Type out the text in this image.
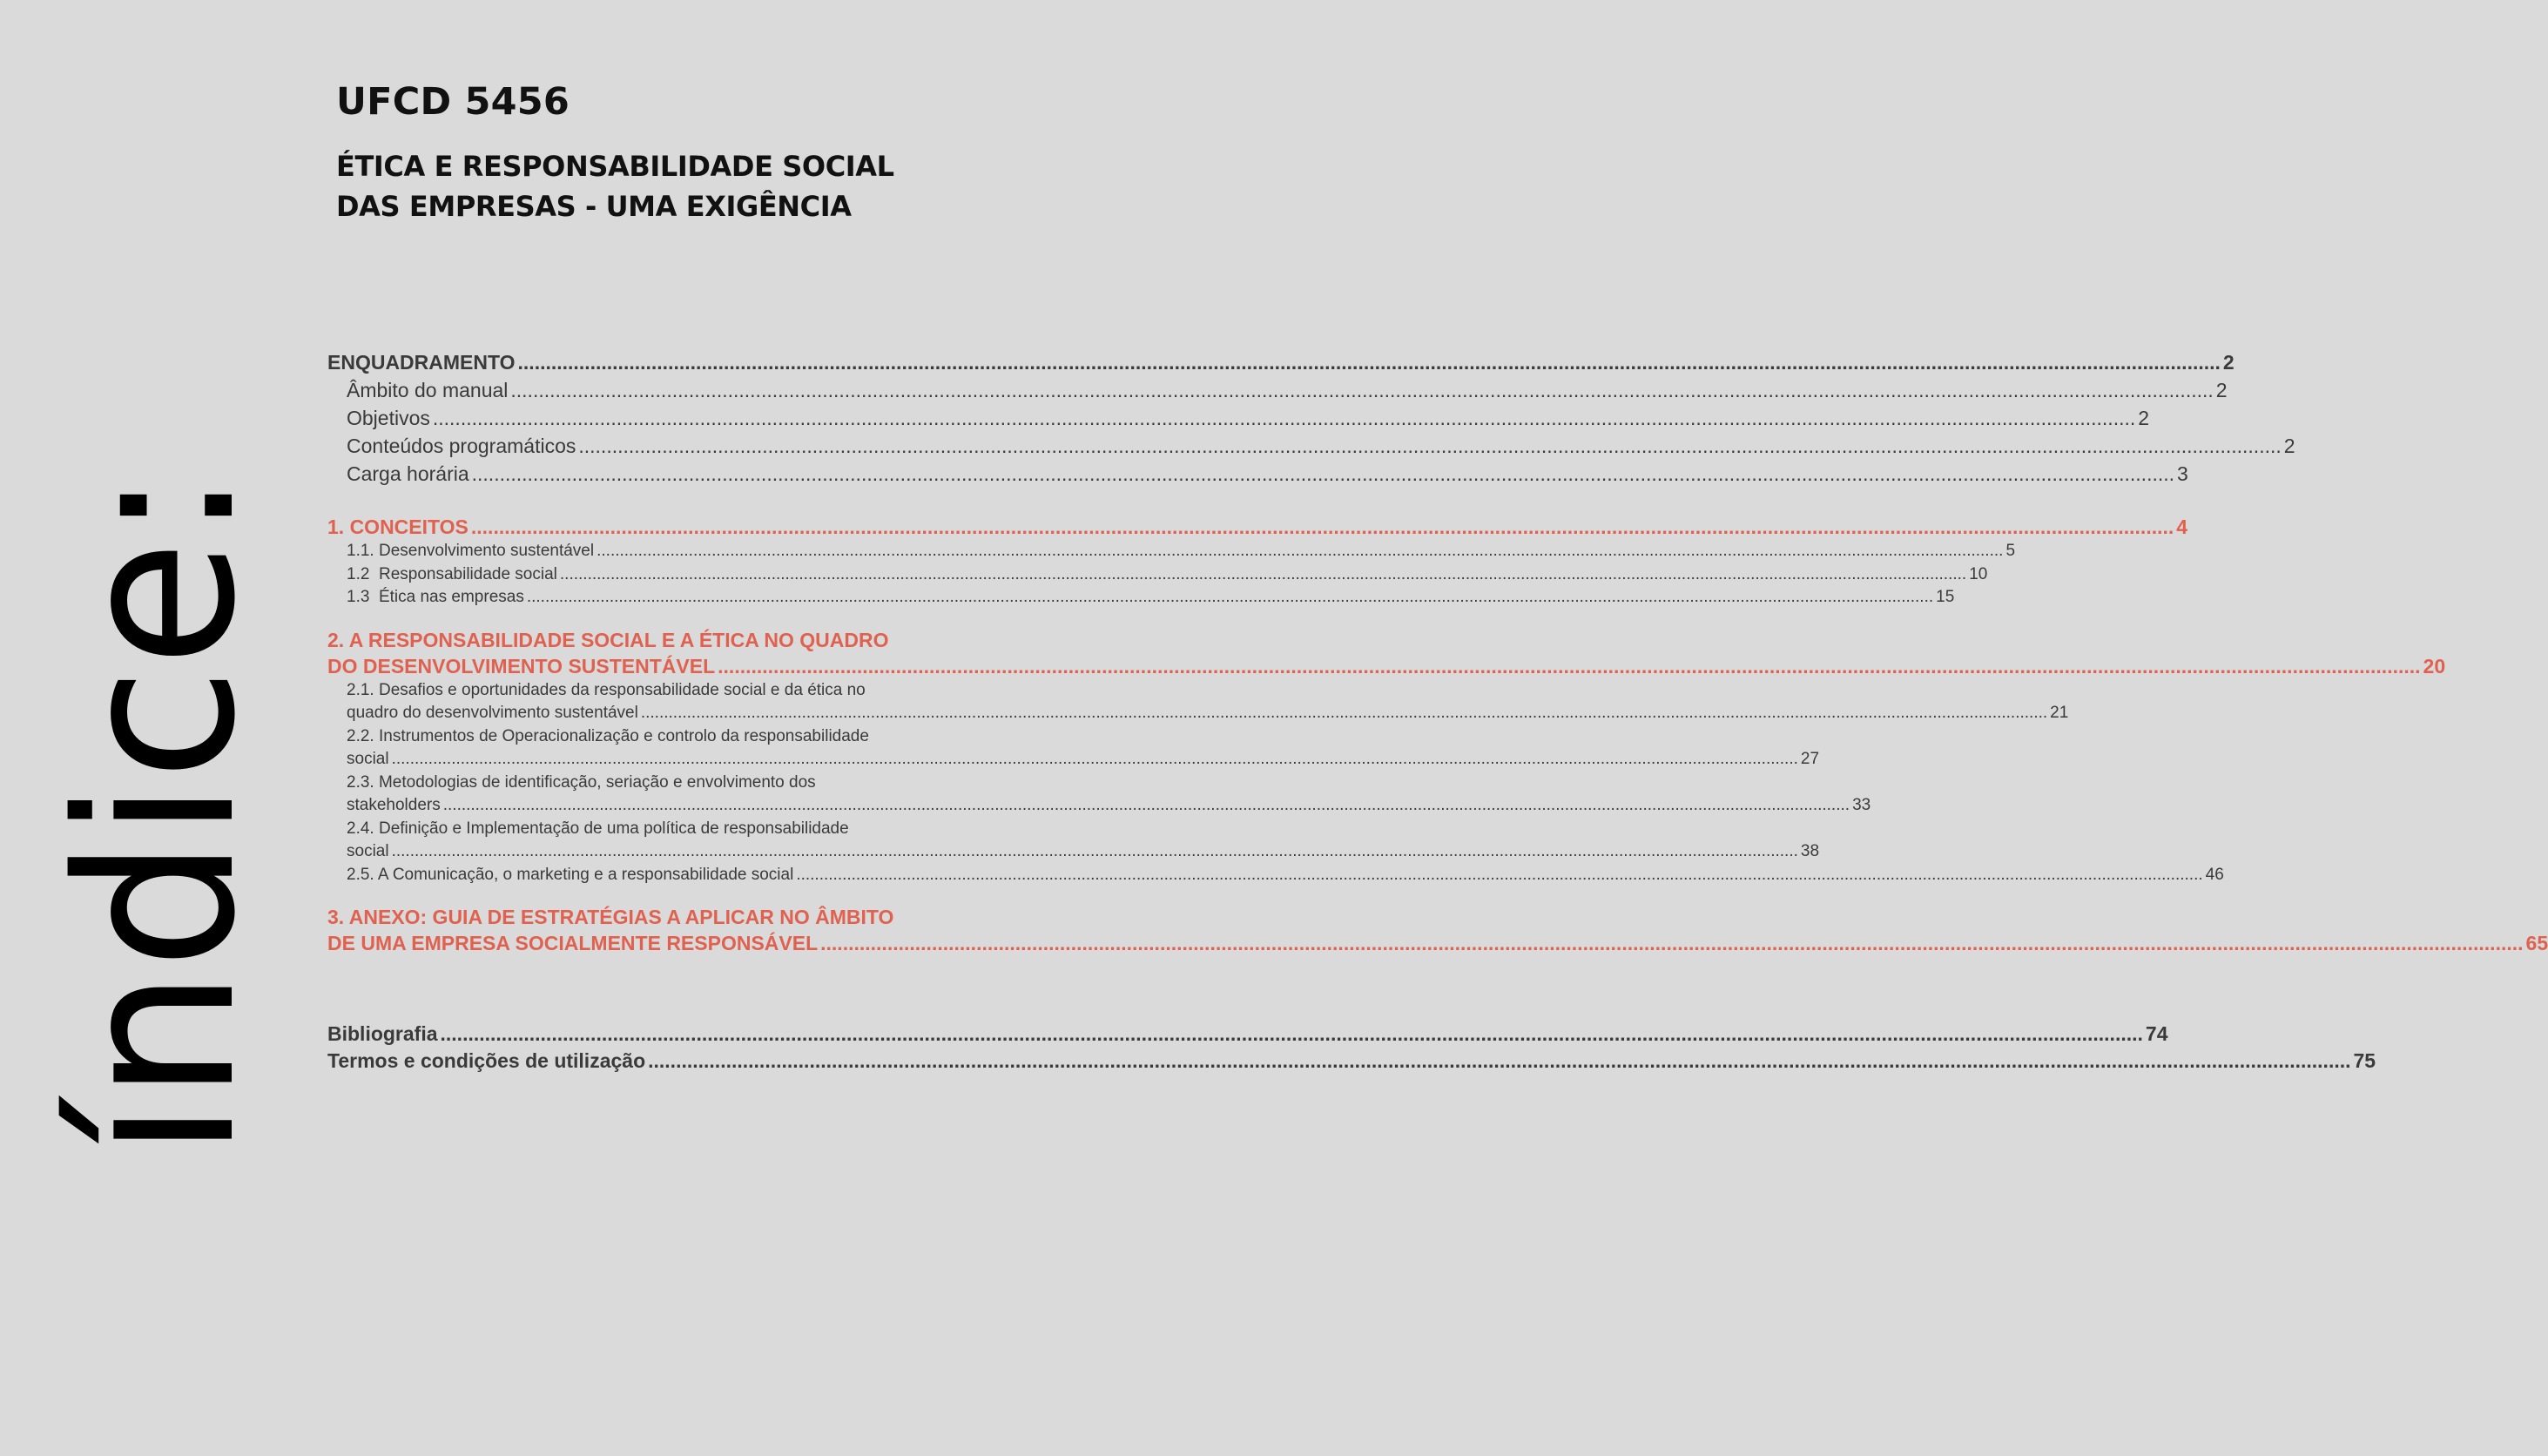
UFCD 5456
ÉTICA E RESPONSABILIDADE SOCIAL
DAS EMPRESAS - UMA EXIGÊNCIA
índice:
ENQUADRAMENTO .....	2
Âmbito do manual .....	2
Objetivos .....	2
Conteúdos programáticos .....	2
Carga horária .....	3
1. CONCEITOS .....	4
1.1. Desenvolvimento sustentável .....	5
1.2  Responsabilidade social .....	10
1.3  Ética nas empresas .....	15
2. A RESPONSABILIDADE SOCIAL E A ÉTICA NO QUADRO
DO DESENVOLVIMENTO SUSTENTÁVEL .....	20
2.1. Desafios e oportunidades da responsabilidade social e da ética no
quadro do desenvolvimento sustentável .....	21
2.2. Instrumentos de Operacionalização e controlo da responsabilidade
social .....	27
2.3. Metodologias de identificação, seriação e envolvimento dos
stakeholders .....	33
2.4. Definição e Implementação de uma política de responsabilidade
social .....	38
2.5. A Comunicação, o marketing e a responsabilidade social .....	46
3. ANEXO: GUIA DE ESTRATÉGIAS A APLICAR NO ÂMBITO
DE UMA EMPRESA SOCIALMENTE RESPONSÁVEL .....	65
Bibliografia .....	74
Termos e condições de utilização .....	75
